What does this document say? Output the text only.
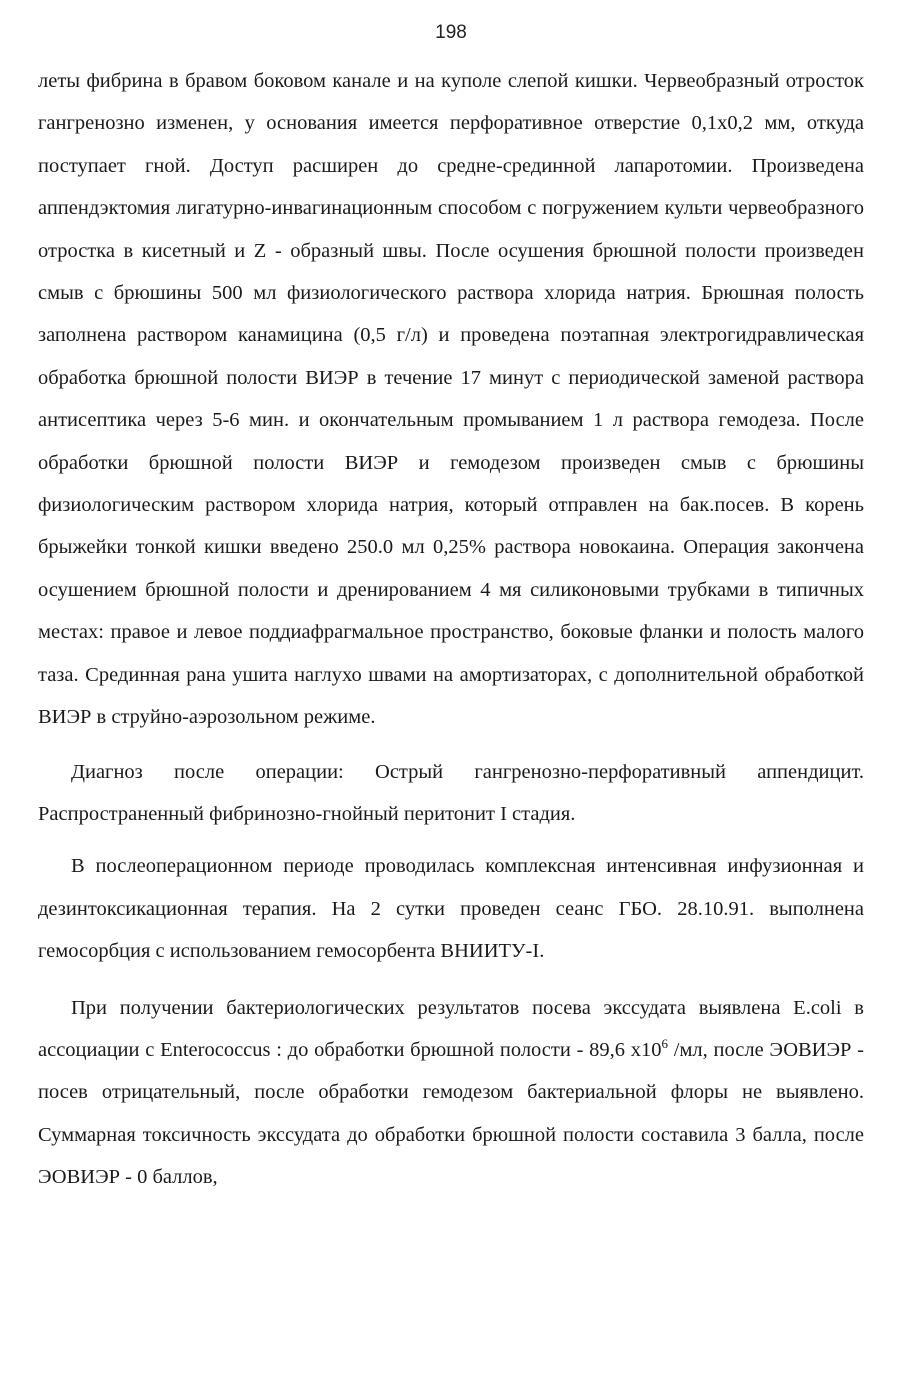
198

леты фибрина в бравом боковом канале и на куполе слепой кишки. Червеобразный отросток гангренозно изменен, у основания имеется перфоративное отверстие 0,1х0,2 мм, откуда поступает гной. Доступ расширен до средне-срединной лапаротомии. Произведена аппендэктомия лигатурно-инвагинационным способом с погружением культи червеобразного отростка в кисетный и Z - образный швы. После осушения брюшной полости произведен смыв с брюшины 500 мл физиологического раствора хлорида натрия. Брюшная полость заполнена раствором канамицина (0,5 г/л) и проведена поэтапная электрогидравлическая обработка брюшной полости ВИЭР в течение 17 минут с периодической заменой раствора антисептика через 5-6 мин. и окончательным промыванием 1 л раствора гемодеза. После обработки брюшной полости ВИЭР и гемодезом произведен смыв с брюшины физиологическим раствором хлорида натрия, который отправлен на бак.посев. В корень брыжейки тонкой кишки введено 250.0 мл 0,25% раствора новокаина. Операция закончена осушением брюшной полости и дренированием 4 мя силиконовыми трубками в типичных местах: правое и левое поддиафрагмальное пространство, боковые фланки и полость малого таза. Срединная рана ушита наглухо швами на амортизаторах, с дополнительной обработкой ВИЭР в струйно-аэрозольном режиме.

Диагноз после операции: Острый гангренозно-перфоративный аппендицит. Распространенный фибринозно-гнойный перитонит I стадия.

В послеоперационном периоде проводилась комплексная интенсивная инфузионная и дезинтоксикационная терапия. На 2 сутки проведен сеанс ГБО. 28.10.91. выполнена гемосорбция с использованием гемосорбента ВНИИТУ-I.

При получении бактериологических результатов посева экссудата выявлена E.coli в ассоциации с Enterococcus : до обработки брюшной полости - 89,6 $х10^6$ /мл, после ЭОВИЭР - посев отрицательный, после обработки гемодезом бактериальной флоры не выявлено. Суммарная токсичность экссудата до обработки брюшной полости составила 3 балла, после ЭОВИЭР - 0 баллов,
